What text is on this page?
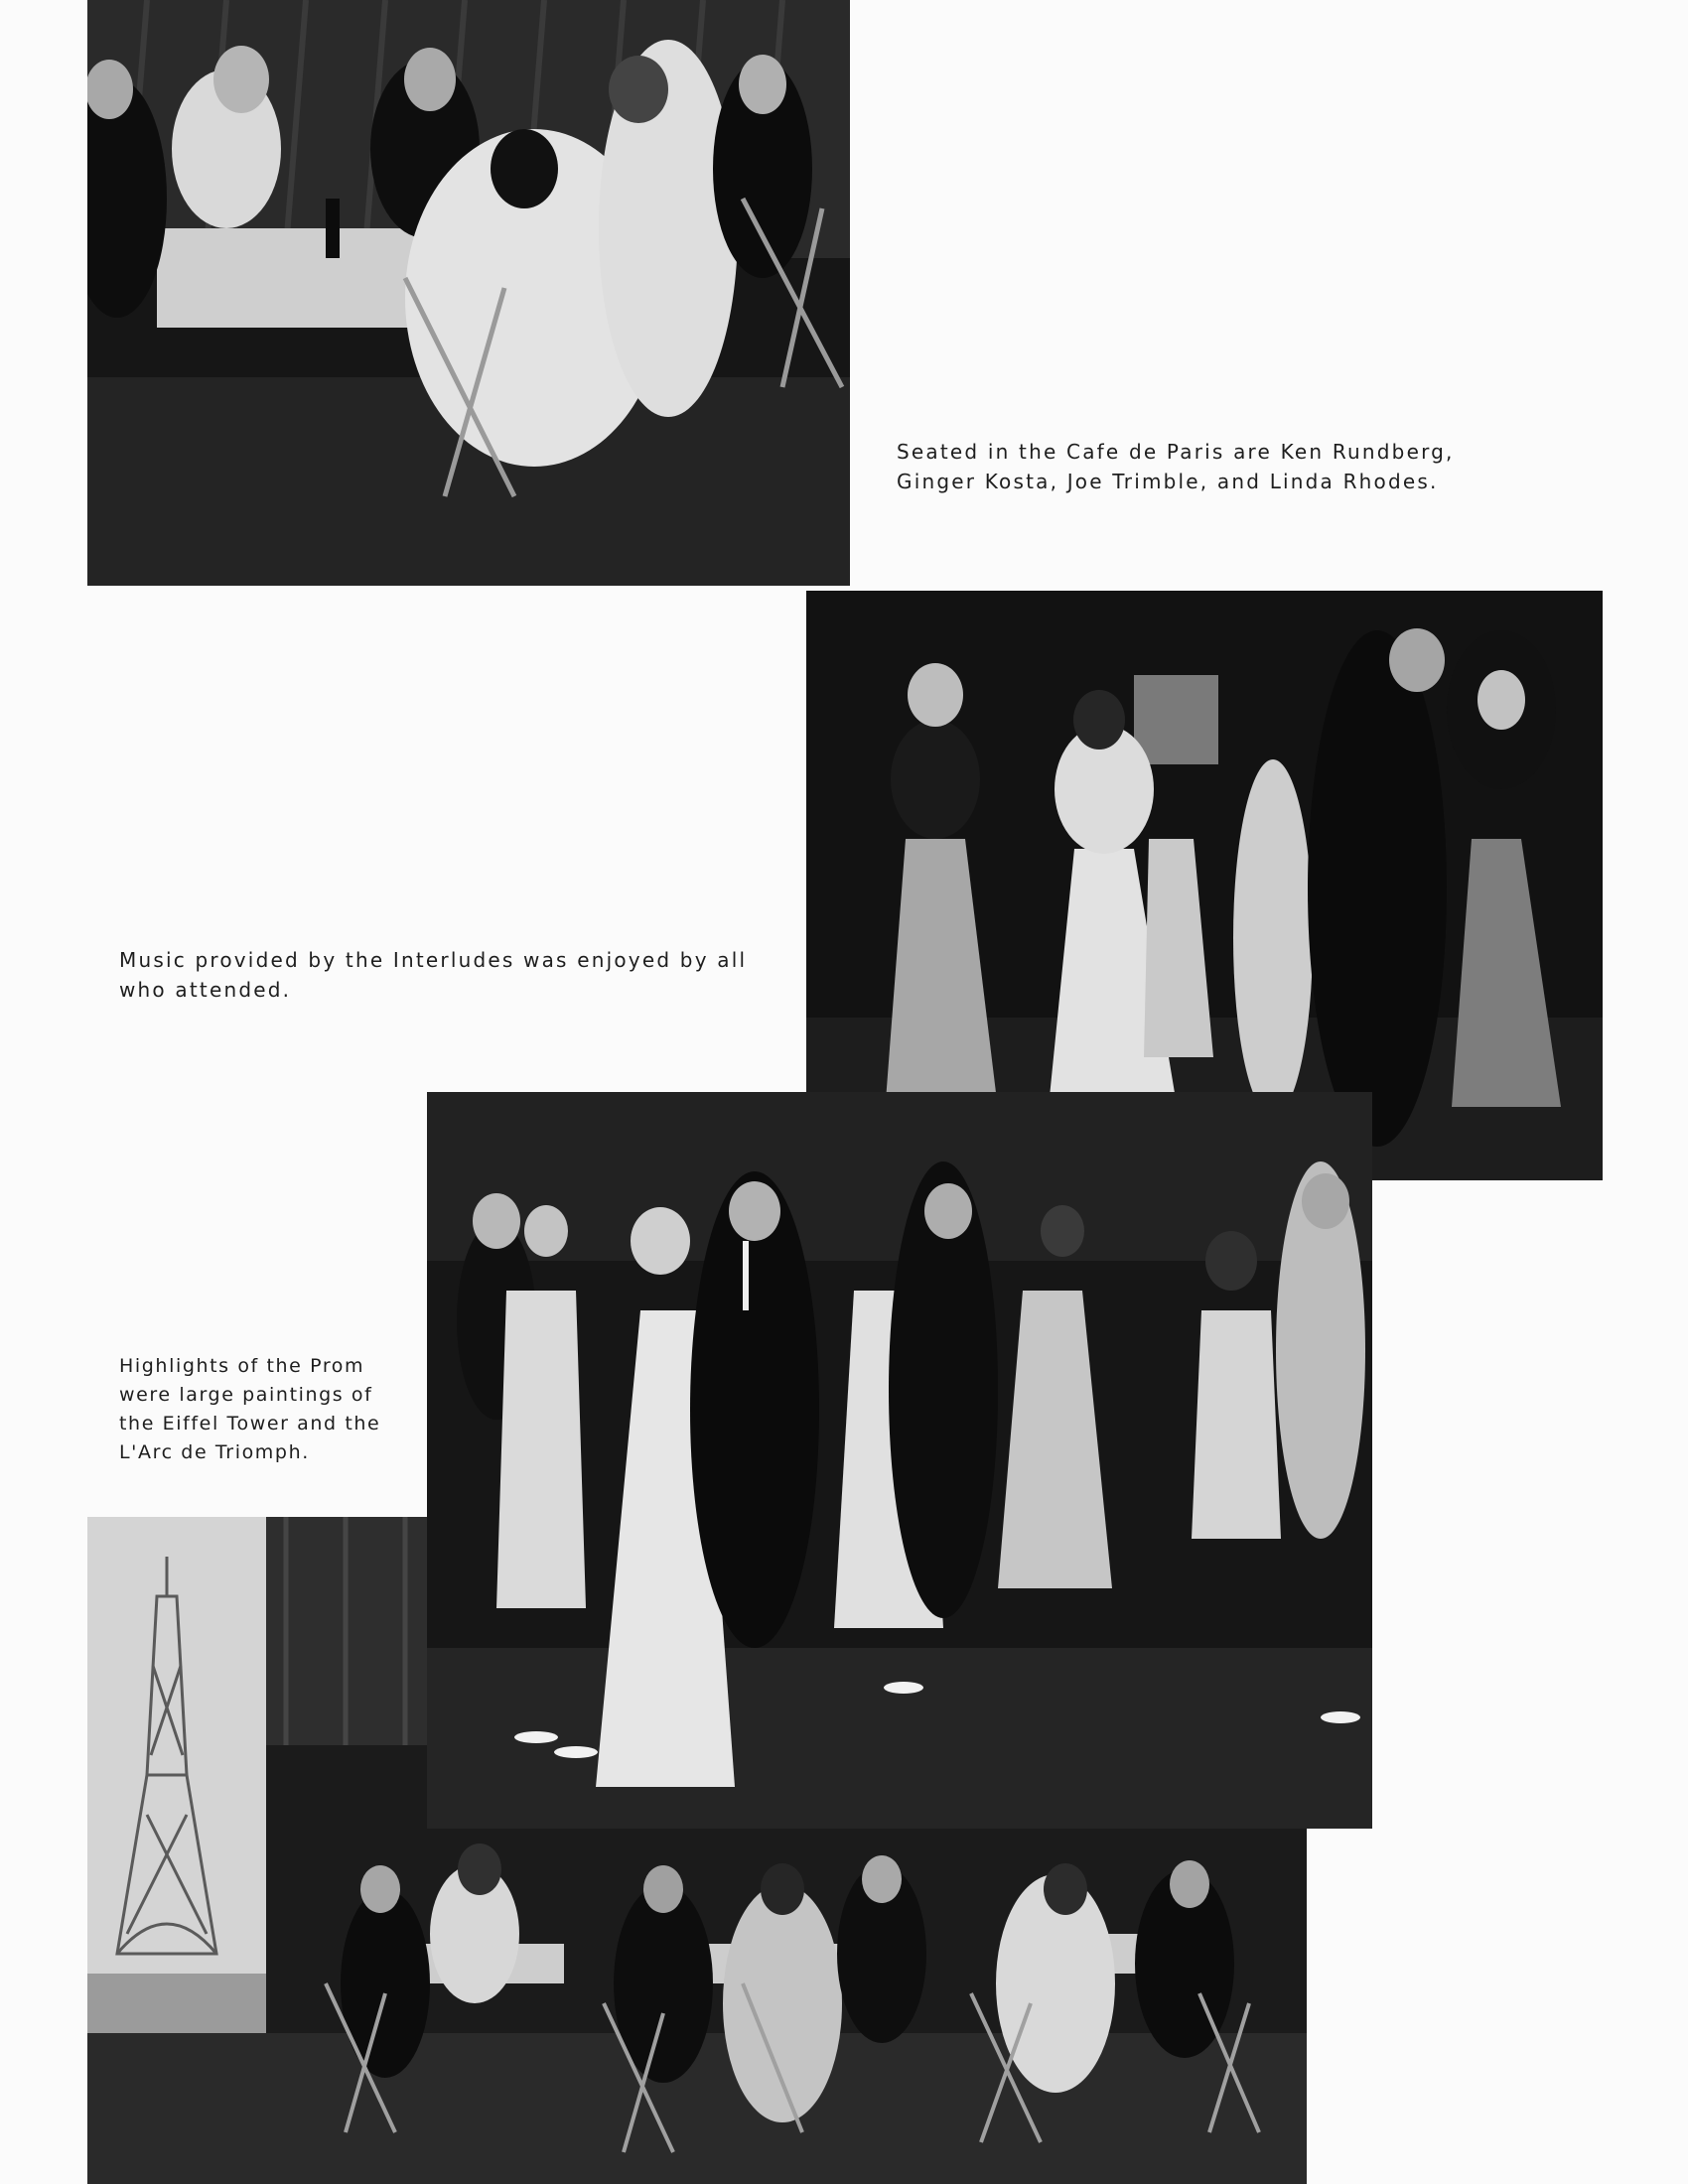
Seated in the Cafe de Paris are Ken Rundberg, Ginger Kosta, Joe Trimble, and Linda Rhodes.

Music provided by the Interludes was enjoyed by all who attended.

Highlights of the Prom were large paintings of the Eiffel Tower and the L'Arc de Triomph.
